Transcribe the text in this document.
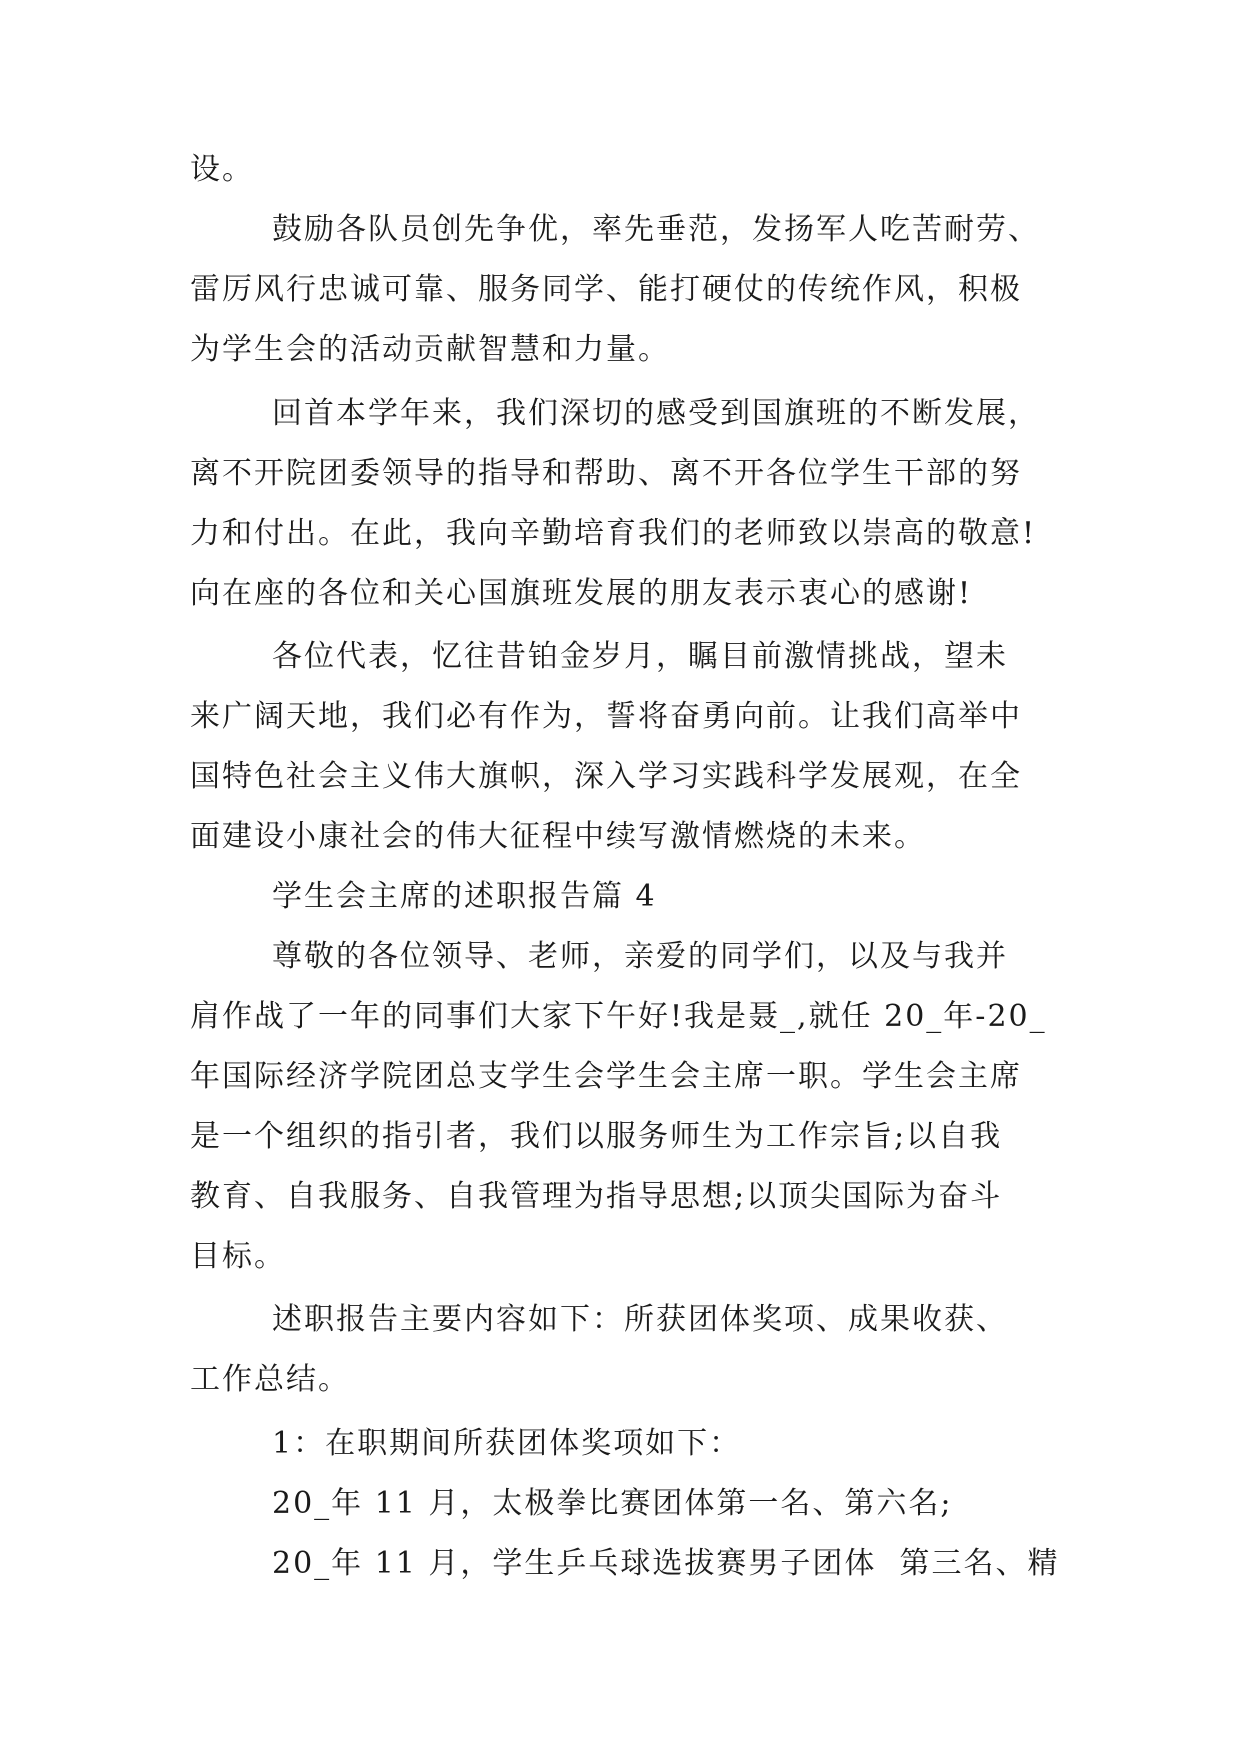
设。
鼓励各队员创先争优，率先垂范，发扬军人吃苦耐劳、
雷厉风行忠诚可靠、服务同学、能打硬仗的传统作风，积极
为学生会的活动贡献智慧和力量。
回首本学年来，我们深切的感受到国旗班的不断发展，
离不开院团委领导的指导和帮助、离不开各位学生干部的努
力和付出。在此，我向辛勤培育我们的老师致以崇高的敬意!
向在座的各位和关心国旗班发展的朋友表示衷心的感谢!
各位代表，忆往昔铂金岁月，瞩目前激情挑战，望未
来广阔天地，我们必有作为，誓将奋勇向前。让我们高举中
国特色社会主义伟大旗帜，深入学习实践科学发展观，在全
面建设小康社会的伟大征程中续写激情燃烧的未来。
学生会主席的述职报告篇 4
尊敬的各位领导、老师，亲爱的同学们，以及与我并
肩作战了一年的同事们大家下午好!我是聂_,就任 20_年-20_
年国际经济学院团总支学生会学生会主席一职。学生会主席
是一个组织的指引者，我们以服务师生为工作宗旨;以自我
教育、自我服务、自我管理为指导思想;以顶尖国际为奋斗
目标。
述职报告主要内容如下：所获团体奖项、成果收获、
工作总结。
1：在职期间所获团体奖项如下：
20_年 11 月，太极拳比赛团体第一名、第六名;
20_年 11 月，学生乒乓球选拔赛男子团体  第三名、精
